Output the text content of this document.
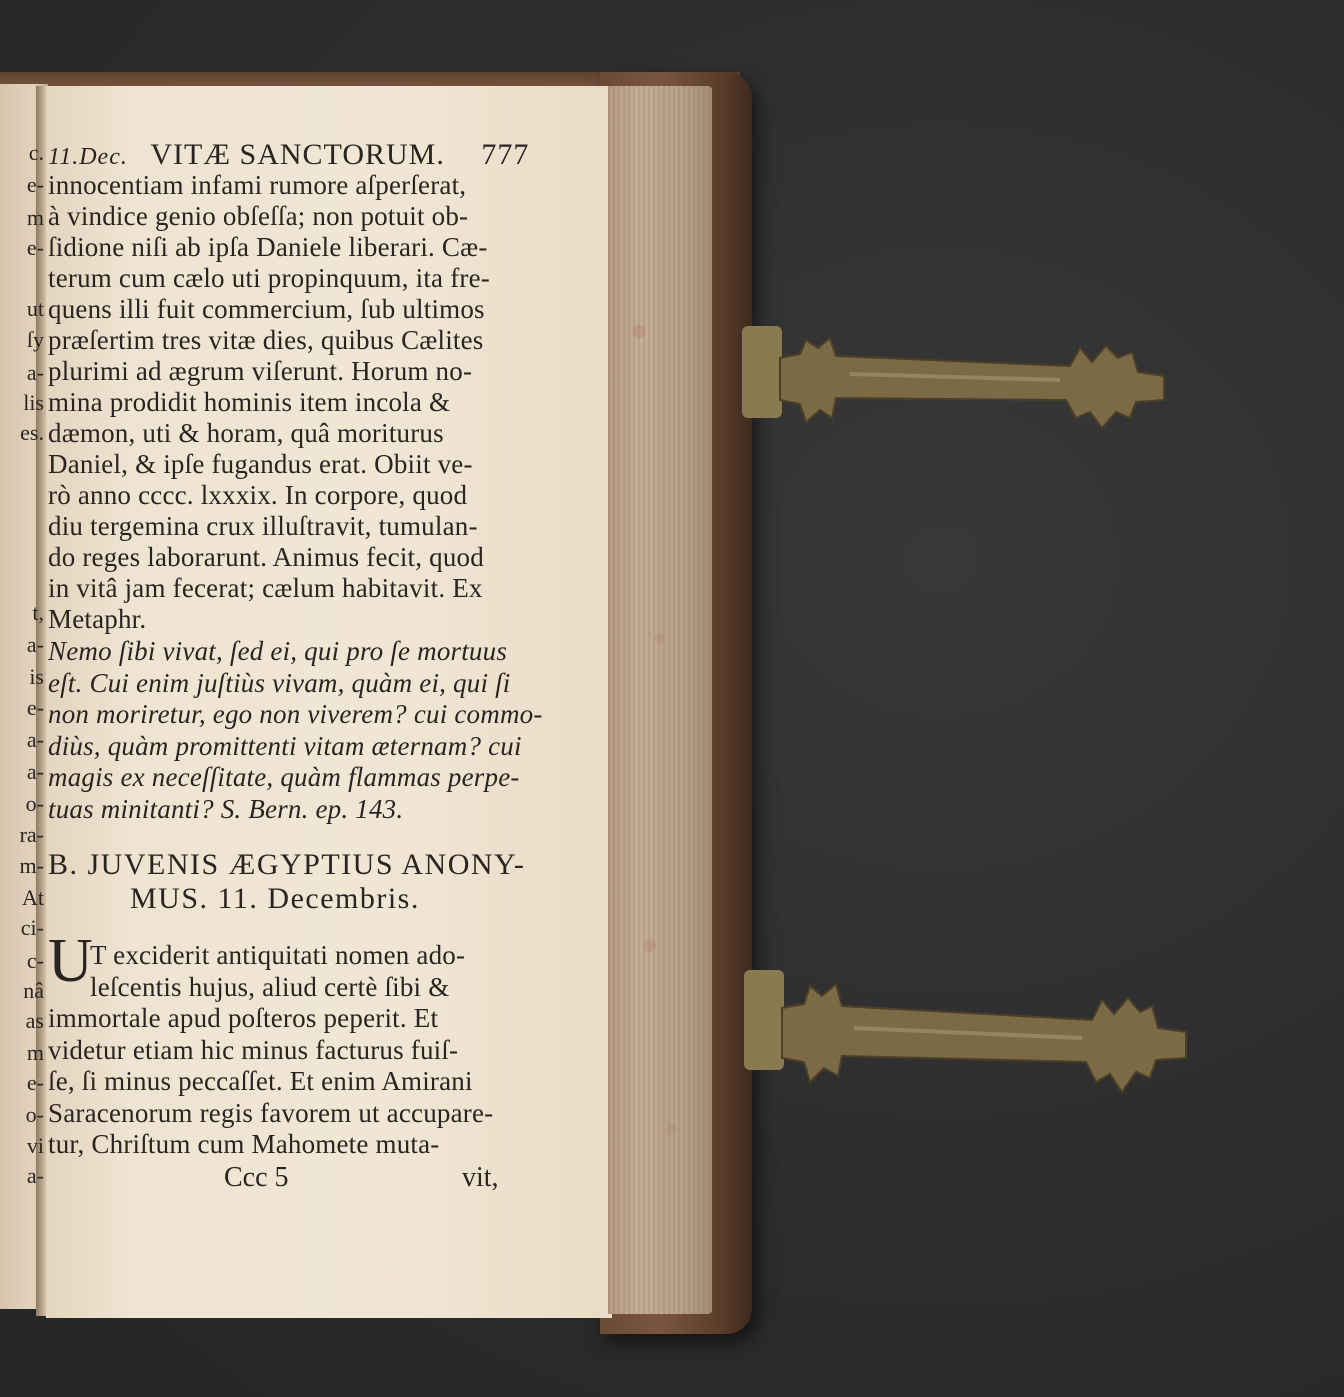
c.
e-
m
e-
ut
ſy
a-
lis
es.
t,
a-
is
e-
a-
a-
o-
ra-
m-
At
ci-
c-
nâ
as
m
e-
o-
vi
a-
11.Dec. VITÆ SANCTORUM. 777
innocentiam infami rumore aſperſerat,
à vindice genio obſeſſa; non potuit ob-
ſidione niſi ab ipſa Daniele liberari. Cæ-
terum cum cælo uti propinquum, ita fre-
quens illi fuit commercium, ſub ultimos
præſertim tres vitæ dies, quibus Cælites
plurimi ad ægrum viſerunt. Horum no-
mina prodidit hominis item incola &
dæmon, uti & horam, quâ moriturus
Daniel, & ipſe fugandus erat. Obiit ve-
rò anno cccc. lxxxix. In corpore, quod
diu tergemina crux illuſtravit, tumulan-
do reges laborarunt. Animus fecit, quod
in vitâ jam fecerat; cælum habitavit. Ex
Metaphr.
Nemo ſibi vivat, ſed ei, qui pro ſe mortuus
eſt. Cui enim juſtiùs vivam, quàm ei, qui ſi
non moriretur, ego non viverem? cui commo-
diùs, quàm promittenti vitam æternam? cui
magis ex neceſſitate, quàm flammas perpe-
tuas minitanti? S. Bern. ep. 143.
B. JUVENIS ÆGYPTIUS ANONY-
MUS. 11. Decembris.
U
T exciderit antiquitati nomen ado-
leſcentis hujus, aliud certè ſibi &
immortale apud poſteros peperit. Et
videtur etiam hic minus facturus fuiſ-
ſe, ſi minus peccaſſet. Et enim Amirani
Saracenorum regis favorem ut accupare-
tur, Chriſtum cum Mahomete muta-
Ccc 5	vit,
